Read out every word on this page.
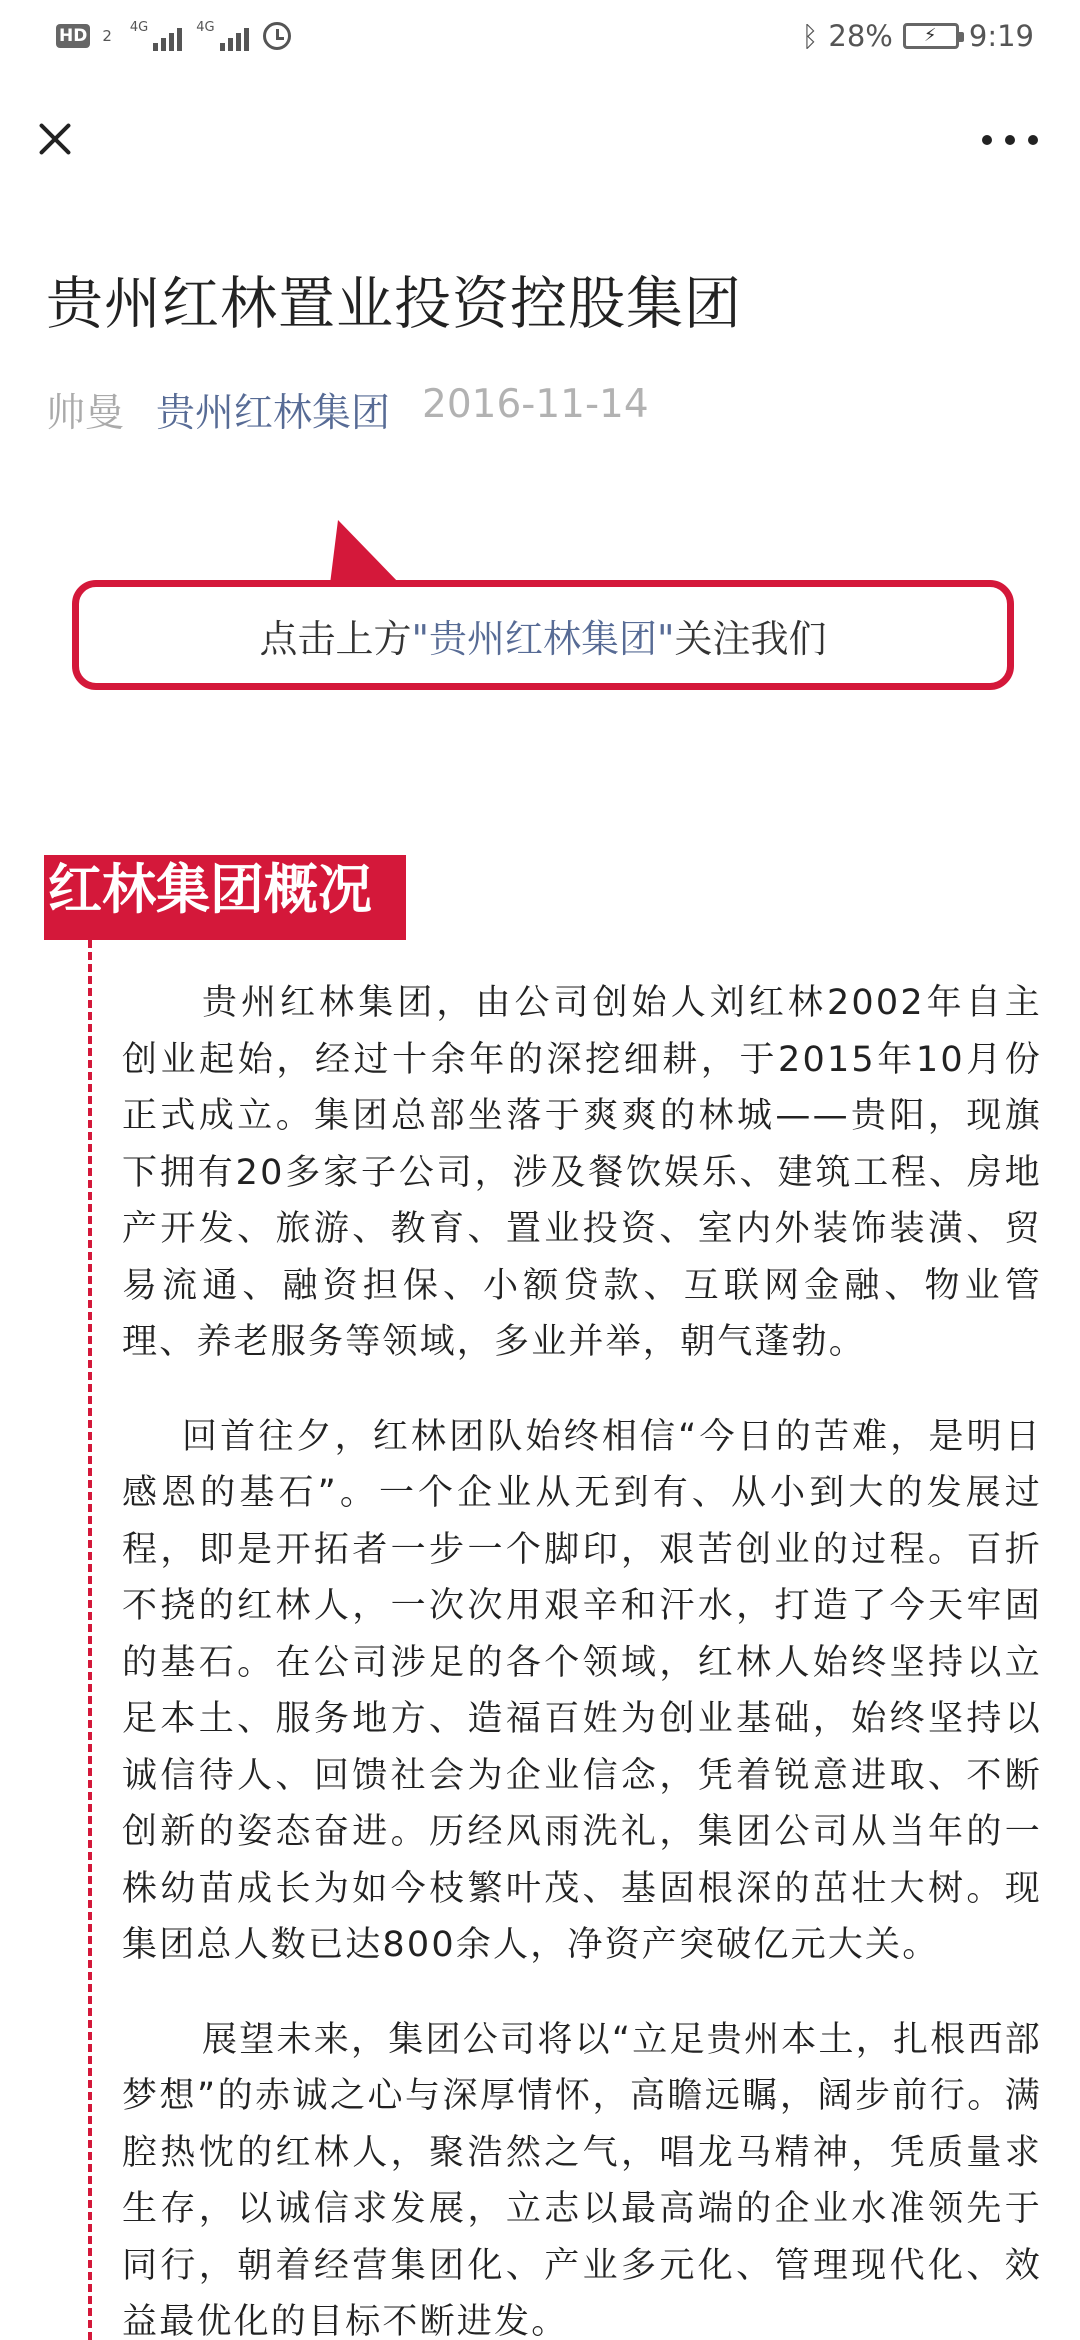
HD 2 4G	4G	ᛒ 28% ⚡ 9:19
贵州红林置业投资控股集团
帅曼 贵州红林集团 2016-11-14
点击上方 "贵州红林集团" 关注我们
红林集团概况

贵州红林集团，由公司创始人刘红林2002年自主创业起始，经过十余年的深挖细耕，于2015年10月份正式成立。集团总部坐落于爽爽的林城——贵阳，现旗下拥有20多家子公司，涉及餐饮娱乐、建筑工程、房地产开发、旅游、教育、置业投资、室内外装饰装潢、贸易流通、融资担保、小额贷款、互联网金融、物业管理、养老服务等领域，多业并举，朝气蓬勃。

回首往夕，红林团队始终相信“今日的苦难，是明日感恩的基石”。一个企业从无到有、从小到大的发展过程，即是开拓者一步一个脚印，艰苦创业的过程。百折不挠的红林人，一次次用艰辛和汗水，打造了今天牢固的基石。在公司涉足的各个领域，红林人始终坚持以立足本土、服务地方、造福百姓为创业基础，始终坚持以诚信待人、回馈社会为企业信念，凭着锐意进取、不断创新的姿态奋进。历经风雨洗礼，集团公司从当年的一株幼苗成长为如今枝繁叶茂、基固根深的茁壮大树。现集团总人数已达800余人，净资产突破亿元大关。

展望未来，集团公司将以“立足贵州本土，扎根西部梦想”的赤诚之心与深厚情怀，高瞻远瞩，阔步前行。满腔热忱的红林人，聚浩然之气，唱龙马精神，凭质量求生存，以诚信求发展，立志以最高端的企业水准领先于同行，朝着经营集团化、产业多元化、管理现代化、效益最优化的目标不断进发。
